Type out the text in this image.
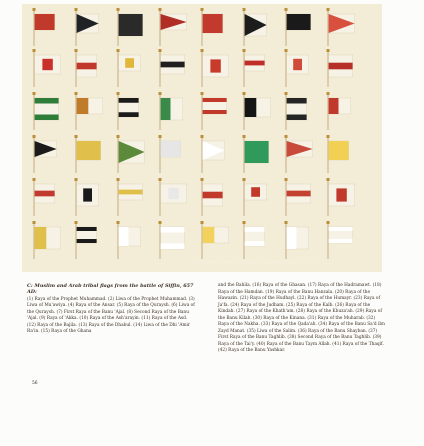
Muslim and Arab tribal flags, the battle of Siffin, 657 AD
C: Muslim and Arab tribal flags from the battle of Siffin, 657 AD:
(1) Raya of the Prophet Muhammad. (2) Liwa of the Prophet Muhammad. (3) Liwa of Mu'awiya. (4) Raya of the Ansar. (5) Raya of the Quraysh. (6) Liwa of the Quraysh. (7) First Raya of the Banu 'Ajal. (8) Second Raya of the Banu 'Ajal. (9) Raya of 'Akka. (10) Raya of the Ash'arayin. (11) Raya of the Asd. (12) Raya of the Bajila. (13) Raya of the Dhabul. (14) Liwa of the Dhi 'Amir Ra'in. (15) Raya of the Ghana
and the Bahila. (16) Raya of the Ghasan. (17) Raya of the Hadramawt. (18) Raya of the Hamdan. (19) Raya of the Banu Hanzala. (20) Raya of the Hawazin. (21) Raya of the Hudhayl. (22) Raya of the Humayr. (23) Raya of Ja'fa. (24) Raya of the Judham. (25) Raya of the Kalb. (26) Raya of the Kindah. (27) Raya of the Khath'am. (28) Raya of the Khuza'ah. (29) Raya of the Banu Kilab. (30) Raya of the Kinana. (31) Raya of the Muharab. (32) Raya of the Nakha. (33) Raya of the Qada'ah. (34) Raya of the Banu Sa'd ibn Zayd Manat. (35) Liwa of the Salim. (36) Raya of the Banu Shayban. (37) First Raya of the Banu Taghlib. (38) Second Raya of the Banu Taghlib. (39) Raya of the Tai'y. (40) Raya of the Banu Taym Allah. (41) Raya of the Thaqif. (42) Raya of the Banu Yashkar.
56
